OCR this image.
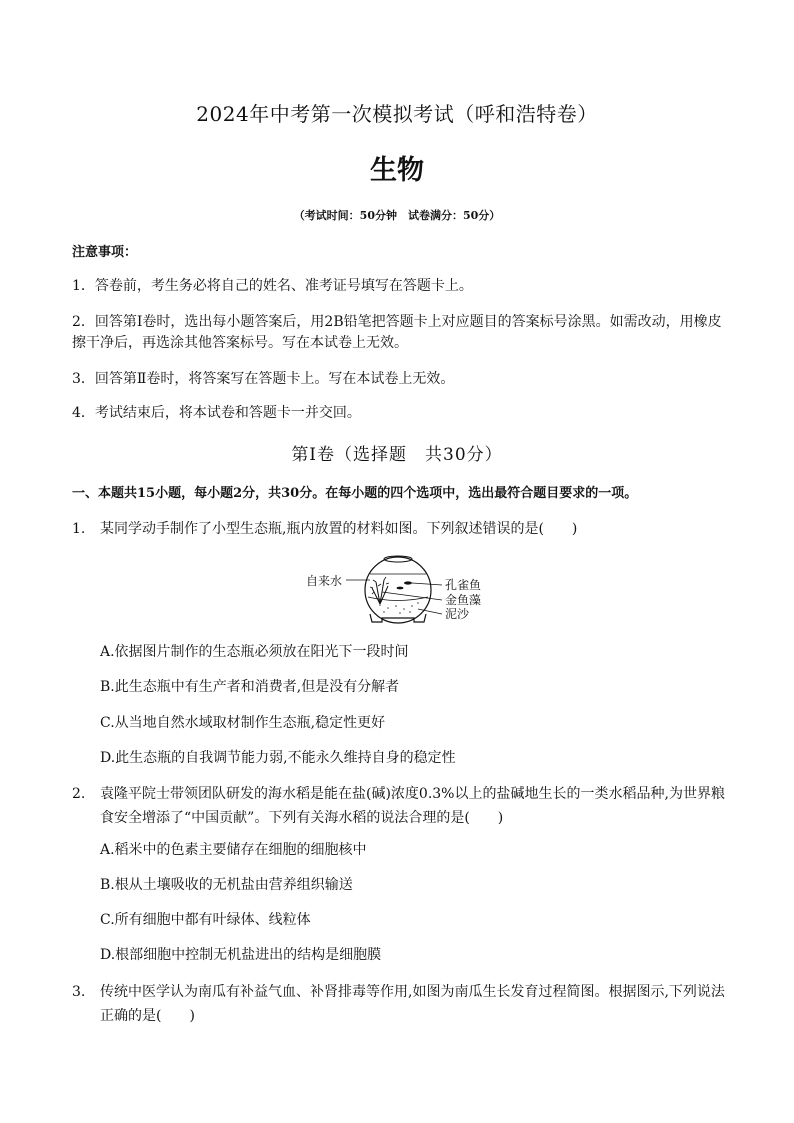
2024年中考第一次模拟考试（呼和浩特卷）
生物
（考试时间：50分钟　试卷满分：50分）
注意事项：
1．答卷前，考生务必将自己的姓名、准考证号填写在答题卡上。
2．回答第Ⅰ卷时，选出每小题答案后，用2B铅笔把答题卡上对应题目的答案标号涂黑。如需改动，用橡皮擦干净后，再选涂其他答案标号。写在本试卷上无效。
3．回答第Ⅱ卷时，将答案写在答题卡上。写在本试卷上无效。
4．考试结束后，将本试卷和答题卡一并交回。
第Ⅰ卷（选择题　共30分）
一、本题共15小题，每小题2分，共30分。在每小题的四个选项中，选出最符合题目要求的一项。
1. 某同学动手制作了小型生态瓶,瓶内放置的材料如图。下列叙述错误的是(　　)
自来水	孔雀鱼
金鱼藻
泥沙
A.依据图片制作的生态瓶必须放在阳光下一段时间
B.此生态瓶中有生产者和消费者,但是没有分解者
C.从当地自然水域取材制作生态瓶,稳定性更好
D.此生态瓶的自我调节能力弱,不能永久维持自身的稳定性
2. 袁隆平院士带领团队研发的海水稻是能在盐(碱)浓度0.3%以上的盐碱地生长的一类水稻品种,为世界粮食安全增添了“中国贡献”。下列有关海水稻的说法合理的是(　　)
A.稻米中的色素主要储存在细胞的细胞核中
B.根从土壤吸收的无机盐由营养组织输送
C.所有细胞中都有叶绿体、线粒体
D.根部细胞中控制无机盐进出的结构是细胞膜
3. 传统中医学认为南瓜有补益气血、补肾排毒等作用,如图为南瓜生长发育过程简图。根据图示,下列说法正确的是(　　)
